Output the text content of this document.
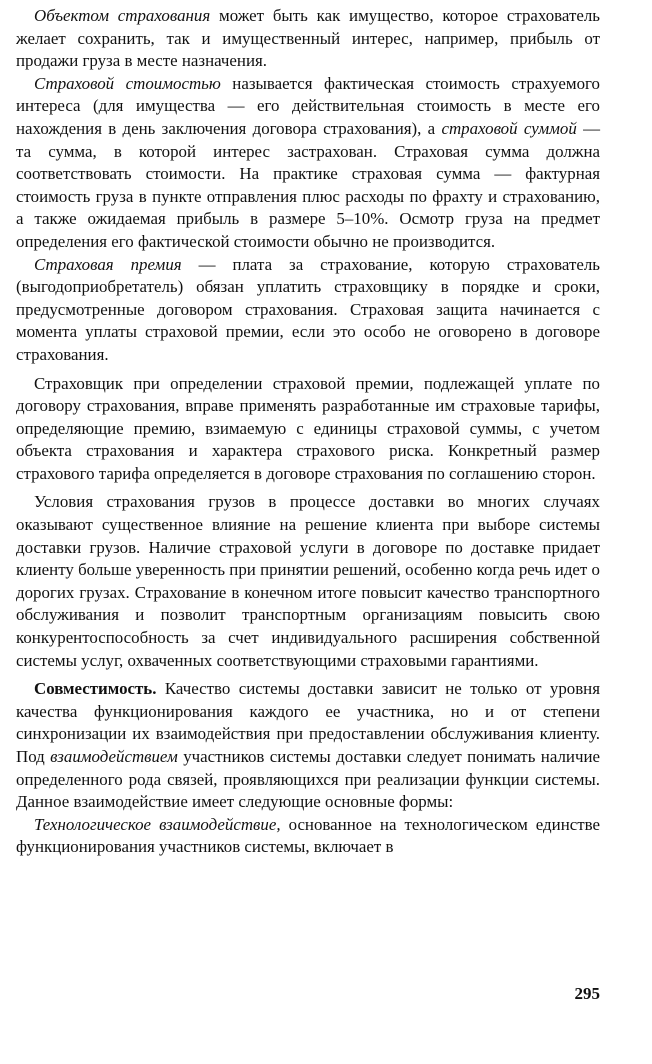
Объектом страхования может быть как имущество, которое страхователь желает сохранить, так и имущественный интерес, например, прибыль от продажи груза в месте назначения.

Страховой стоимостью называется фактическая стоимость страхуемого интереса (для имущества — его действительная стоимость в месте его нахождения в день заключения договора страхования), а страховой суммой — та сумма, в которой интерес застрахован. Страховая сумма должна соответствовать стоимости. На практике страховая сумма — фактурная стоимость груза в пункте отправления плюс расходы по фрахту и страхованию, а также ожидаемая прибыль в размере 5–10%. Осмотр груза на предмет определения его фактической стоимости обычно не производится.

Страховая премия — плата за страхование, которую страхователь (выгодоприобретатель) обязан уплатить страховщику в порядке и сроки, предусмотренные договором страхования. Страховая защита начинается с момента уплаты страховой премии, если это особо не оговорено в договоре страхования.

Страховщик при определении страховой премии, подлежащей уплате по договору страхования, вправе применять разработанные им страховые тарифы, определяющие премию, взимаемую с единицы страховой суммы, с учетом объекта страхования и характера страхового риска. Конкретный размер страхового тарифа определяется в договоре страхования по соглашению сторон.

Условия страхования грузов в процессе доставки во многих случаях оказывают существенное влияние на решение клиента при выборе системы доставки грузов. Наличие страховой услуги в договоре по доставке придает клиенту больше уверенность при принятии решений, особенно когда речь идет о дорогих грузах. Страхование в конечном итоге повысит качество транспортного обслуживания и позволит транспортным организациям повысить свою конкурентоспособность за счет индивидуального расширения собственной системы услуг, охваченных соответствующими страховыми гарантиями.

Совместимость. Качество системы доставки зависит не только от уровня качества функционирования каждого ее участника, но и от степени синхронизации их взаимодействия при предоставлении обслуживания клиенту. Под взаимодействием участников системы доставки следует понимать наличие определенного рода связей, проявляющихся при реализации функции системы. Данное взаимодействие имеет следующие основные формы:

Технологическое взаимодействие, основанное на технологическом единстве функционирования участников системы, включает в

295
